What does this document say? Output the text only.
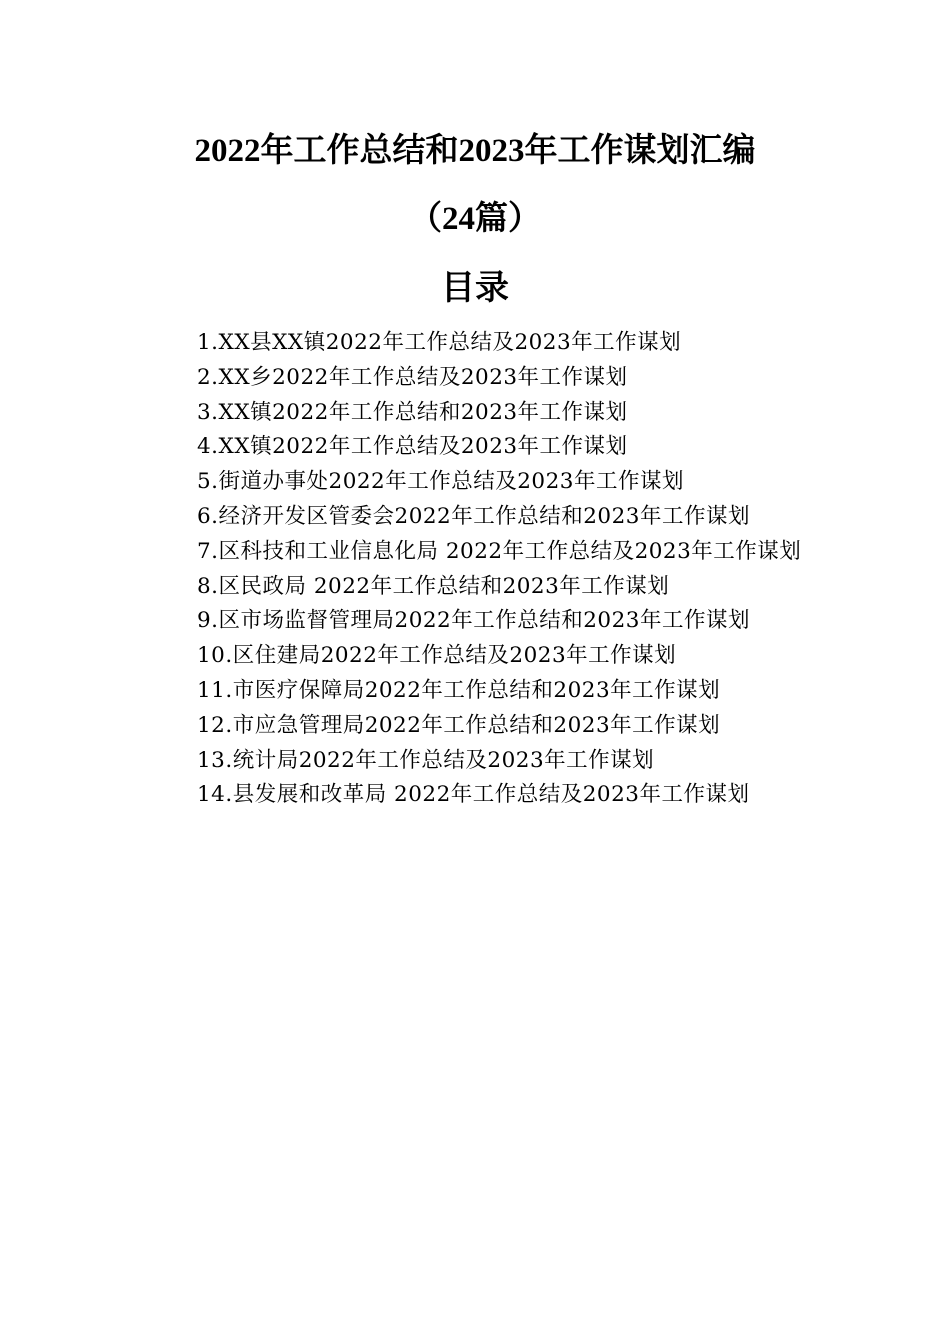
2022年工作总结和2023年工作谋划汇编
（24篇）
目录
1.XX县XX镇2022年工作总结及2023年工作谋划
2.XX乡2022年工作总结及2023年工作谋划
3.XX镇2022年工作总结和2023年工作谋划
4.XX镇2022年工作总结及2023年工作谋划
5.街道办事处2022年工作总结及2023年工作谋划
6.经济开发区管委会2022年工作总结和2023年工作谋划
7.区科技和工业信息化局 2022年工作总结及2023年工作谋划
8.区民政局 2022年工作总结和2023年工作谋划
9.区市场监督管理局2022年工作总结和2023年工作谋划
10.区住建局2022年工作总结及2023年工作谋划
11.市医疗保障局2022年工作总结和2023年工作谋划
12.市应急管理局2022年工作总结和2023年工作谋划
13.统计局2022年工作总结及2023年工作谋划
14.县发展和改革局 2022年工作总结及2023年工作谋划
